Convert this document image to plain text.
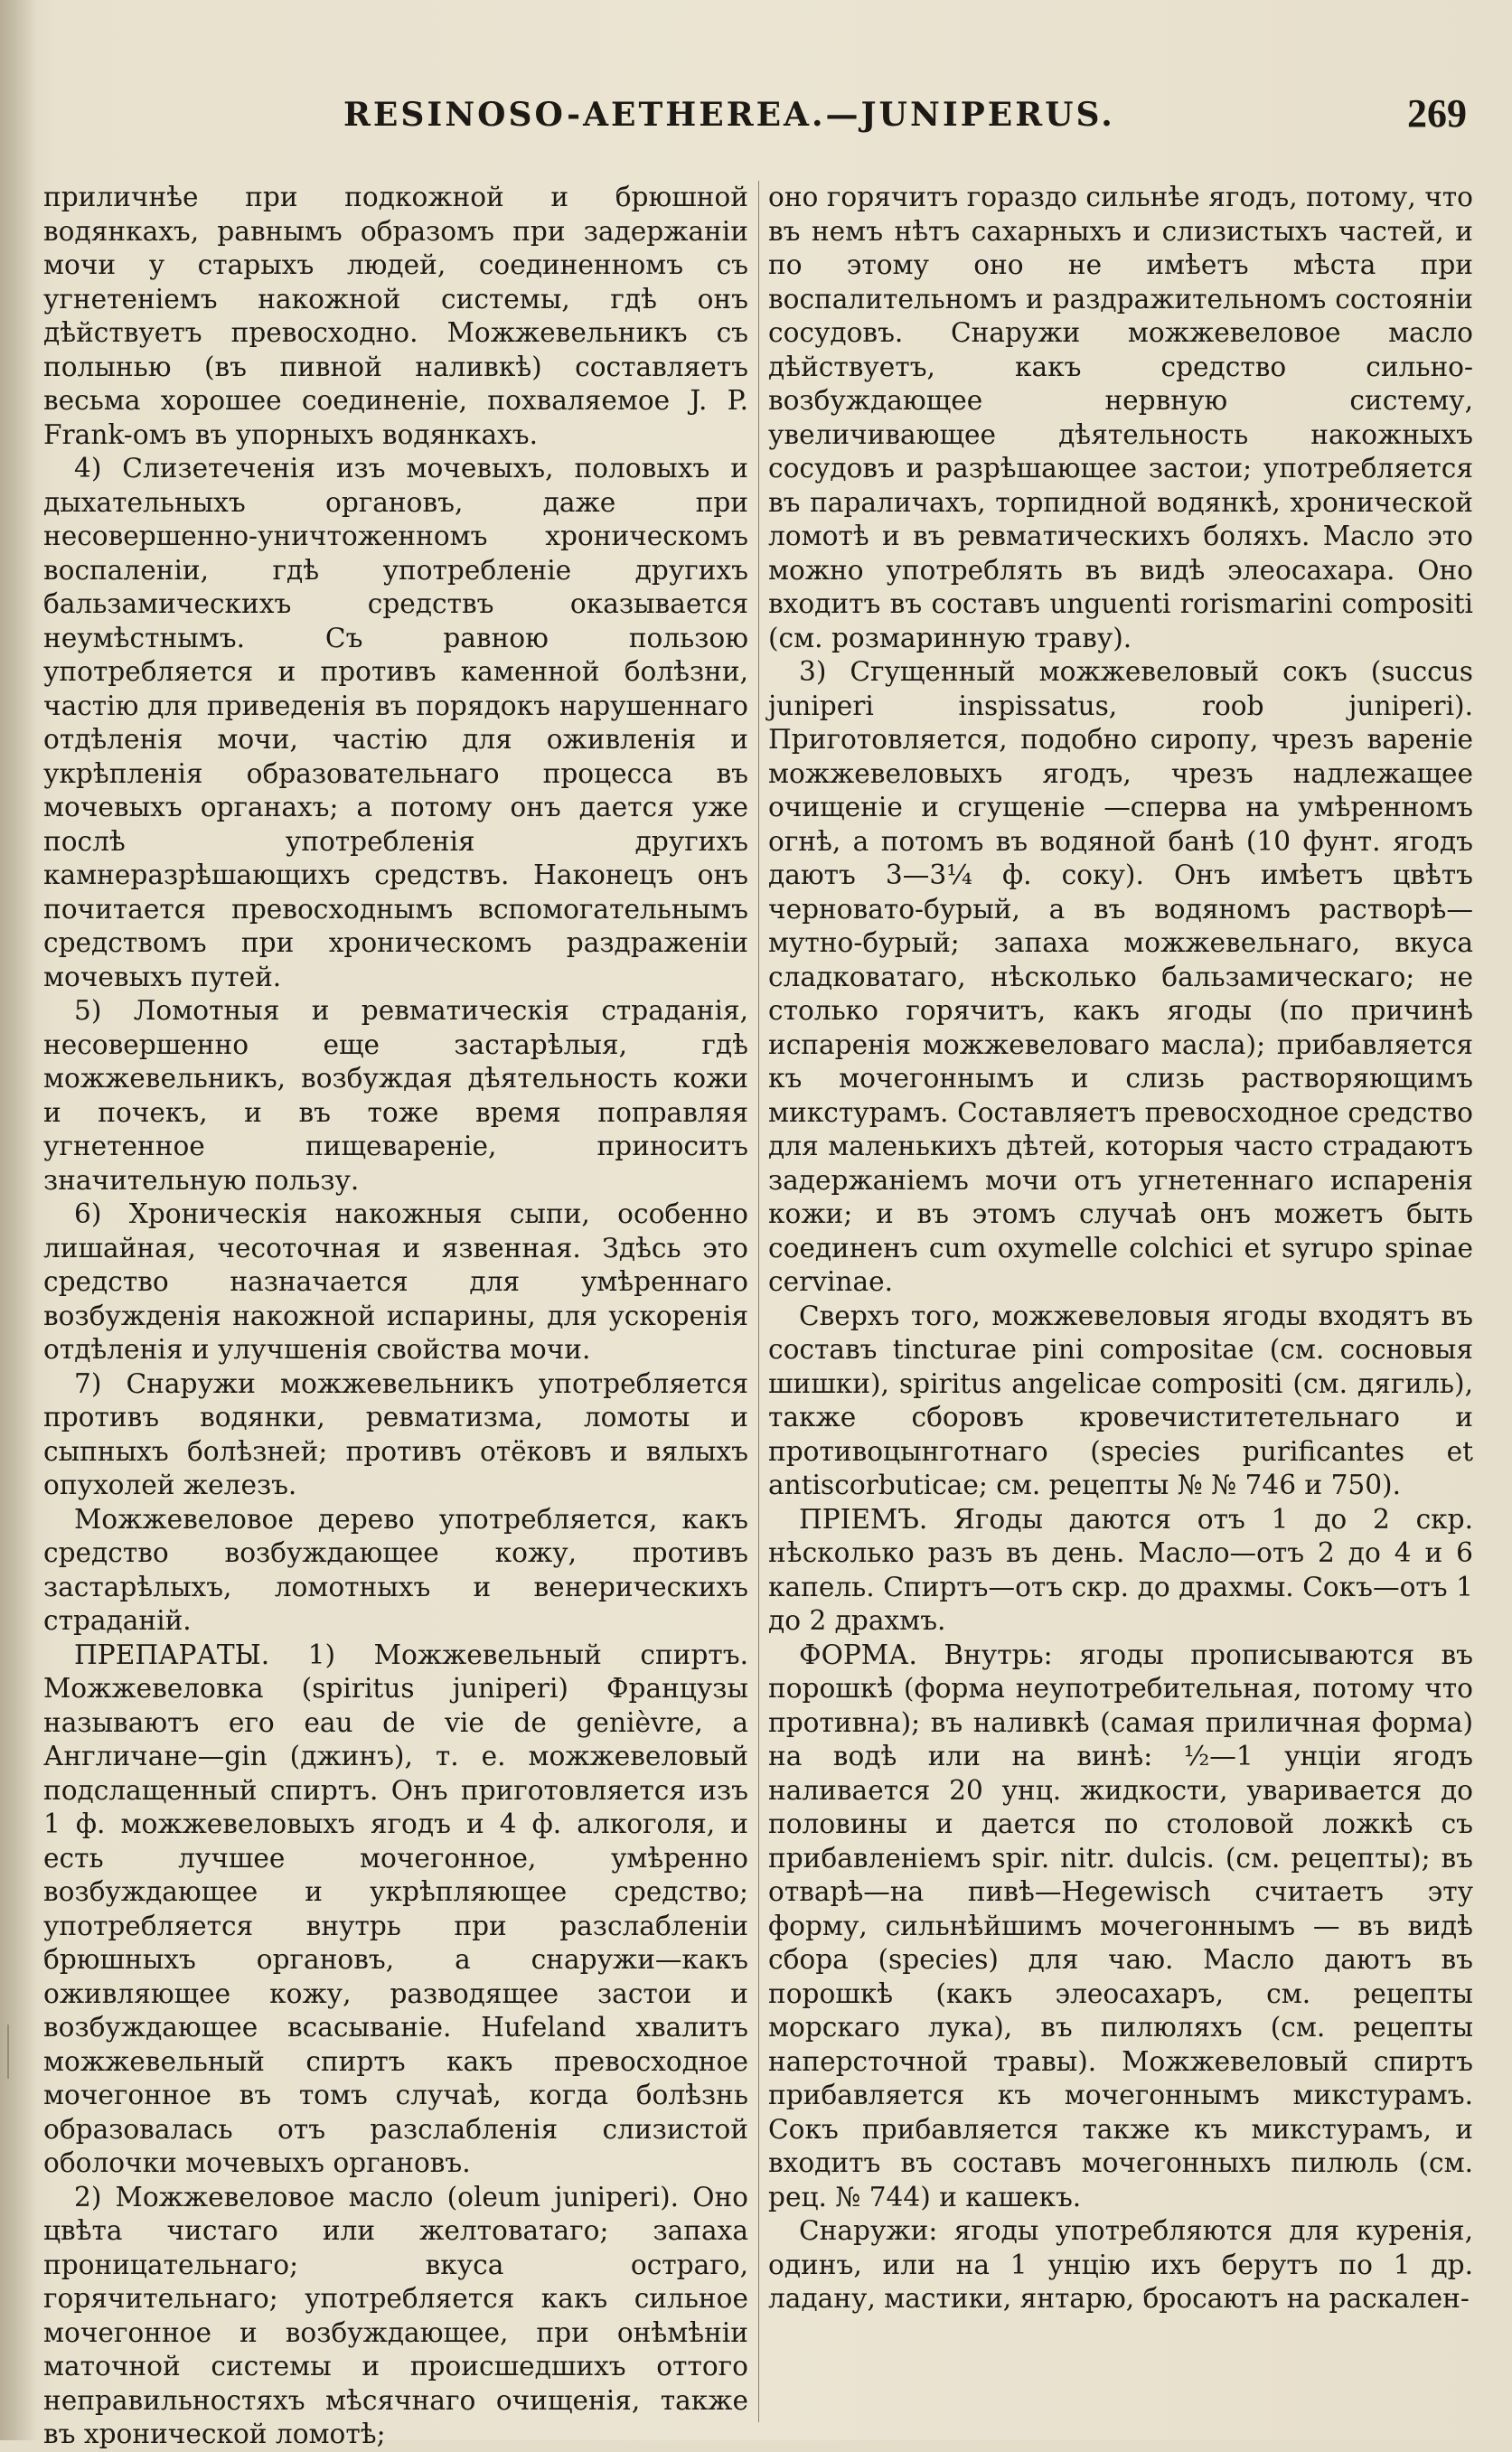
RESINOSO-AETHEREA.—JUNIPERUS.	269

приличнѣе при подкожной и брюшной водянкахъ, равнымъ образомъ при задержаніи мочи у старыхъ людей, соединенномъ съ угнетеніемъ накожной системы, гдѣ онъ дѣйствуетъ превосходно. Можжевельникъ съ полынью (въ пивной наливкѣ) составляетъ весьма хорошее соединеніе, похваляемое J. P. Frank-омъ въ упорныхъ водянкахъ.

4) Слизетеченія изъ мочевыхъ, половыхъ и дыхательныхъ органовъ, даже при несовершенно-уничтоженномъ хроническомъ воспаленіи, гдѣ употребленіе другихъ бальзамическихъ средствъ оказывается неумѣстнымъ. Съ равною пользою употребляется и противъ каменной болѣзни, частію для приведенія въ порядокъ нарушеннаго отдѣленія мочи, частію для оживленія и укрѣпленія образовательнаго процесса въ мочевыхъ органахъ; а потому онъ дается уже послѣ употребленія другихъ камнеразрѣшающихъ средствъ. Наконецъ онъ почитается превосходнымъ вспомогательнымъ средствомъ при хроническомъ раздраженіи мочевыхъ путей.

5) Ломотныя и ревматическія страданія, несовершенно еще застарѣлыя, гдѣ можжевельникъ, возбуждая дѣятельность кожи и почекъ, и въ тоже время поправляя угнетенное пищевареніе, приноситъ значительную пользу.

6) Хроническія накожныя сыпи, особенно лишайная, чесоточная и язвенная. Здѣсь это средство назначается для умѣреннаго возбужденія накожной испарины, для ускоренія отдѣленія и улучшенія свойства мочи.

7) Снаружи можжевельникъ употребляется противъ водянки, ревматизма, ломоты и сыпныхъ болѣзней; противъ отёковъ и вялыхъ опухолей железъ.

Можжевеловое дерево употребляется, какъ средство возбуждающее кожу, противъ застарѣлыхъ, ломотныхъ и венерическихъ страданій.

ПРЕПАРАТЫ. 1) Можжевельный спиртъ. Можжевеловка (spiritus juniperi) Французы называютъ его eau de vie de genièvre, а Англичане—gin (джинъ), т. е. можжевеловый подслащенный спиртъ. Онъ приготовляется изъ 1 ф. можжевеловыхъ ягодъ и 4 ф. алкоголя, и есть лучшее мочегонное, умѣренно возбуждающее и укрѣпляющее средство; употребляется внутрь при разслабленіи брюшныхъ органовъ, а снаружи—какъ оживляющее кожу, разводящее застои и возбуждающее всасываніе. Hufeland хвалитъ можжевельный спиртъ какъ превосходное мочегонное въ томъ случаѣ, когда болѣзнь образовалась отъ разслабленія слизистой оболочки мочевыхъ органовъ.

2) Можжевеловое масло (oleum juniperi). Оно цвѣта чистаго или желтоватаго; запаха проницательнаго; вкуса остраго, горячительнаго; употребляется какъ сильное мочегонное и возбуждающее, при онѣмѣніи маточной системы и происшедшихъ оттого неправильностяхъ мѣсячнаго очищенія, также въ хронической ломотѣ;

оно горячитъ гораздо сильнѣе ягодъ, потому, что въ немъ нѣтъ сахарныхъ и слизистыхъ частей, и по этому оно не имѣетъ мѣста при воспалительномъ и раздражительномъ состояніи сосудовъ. Снаружи можжевеловое масло дѣйствуетъ, какъ средство сильно-возбуждающее нервную систему, увеличивающее дѣятельность накожныхъ сосудовъ и разрѣшающее застои; употребляется въ параличахъ, торпидной водянкѣ, хронической ломотѣ и въ ревматическихъ боляхъ. Масло это можно употреблять въ видѣ элеосахара. Оно входитъ въ составъ unguenti rorismarini compositi (см. розмаринную траву).

3) Сгущенный можжевеловый сокъ (succus juniperi inspissatus, roob juniperi). Приготовляется, подобно сиропу, чрезъ вареніе можжевеловыхъ ягодъ, чрезъ надлежащее очищеніе и сгущеніе —сперва на умѣренномъ огнѣ, а потомъ въ водяной банѣ (10 фунт. ягодъ даютъ 3—3¼ ф. соку). Онъ имѣетъ цвѣтъ черновато-бурый, а въ водяномъ растворѣ—мутно-бурый; запаха можжевельнаго, вкуса сладковатаго, нѣсколько бальзамическаго; не столько горячитъ, какъ ягоды (по причинѣ испаренія можжевеловаго масла); прибавляется къ мочегоннымъ и слизь растворяющимъ микстурамъ. Составляетъ превосходное средство для маленькихъ дѣтей, которыя часто страдаютъ задержаніемъ мочи отъ угнетеннаго испаренія кожи; и въ этомъ случаѣ онъ можетъ быть соединенъ cum oxymelle colchici et syrupo spinae cervinae.

Сверхъ того, можжевеловыя ягоды входятъ въ составъ tincturae pini compositae (см. сосновыя шишки), spiritus angelicae compositi (см. дягиль), также сборовъ кровечиститетельнаго и противоцынготнаго (species purificantes et antiscorbuticae; см. рецепты № № 746 и 750).

ПРІЕМЪ. Ягоды даются отъ 1 до 2 скр. нѣсколько разъ въ день. Масло—отъ 2 до 4 и 6 капель. Спиртъ—отъ скр. до драхмы. Сокъ—отъ 1 до 2 драхмъ.

ФОРМА. Внутрь: ягоды прописываются въ порошкѣ (форма неупотребительная, потому что противна); въ наливкѣ (самая приличная форма) на водѣ или на винѣ: ½—1 унціи ягодъ наливается 20 унц. жидкости, уваривается до половины и дается по столовой ложкѣ съ прибавленіемъ spir. nitr. dulcis. (см. рецепты); въ отварѣ—на пивѣ—Hegewisch считаетъ эту форму, сильнѣйшимъ мочегоннымъ — въ видѣ сбора (species) для чаю. Масло даютъ въ порошкѣ (какъ элеосахаръ, см. рецепты морскаго лука), въ пилюляхъ (см. рецепты наперсточной травы). Можжевеловый спиртъ прибавляется къ мочегоннымъ микстурамъ. Сокъ прибавляется также къ микстурамъ, и входитъ въ составъ мочегонныхъ пилюль (см. рец. № 744) и кашекъ.

Снаружи: ягоды употребляются для куренія, одинъ, или на 1 унцію ихъ берутъ по 1 др. ладану, мастики, янтарю, бросаютъ на раскален-
